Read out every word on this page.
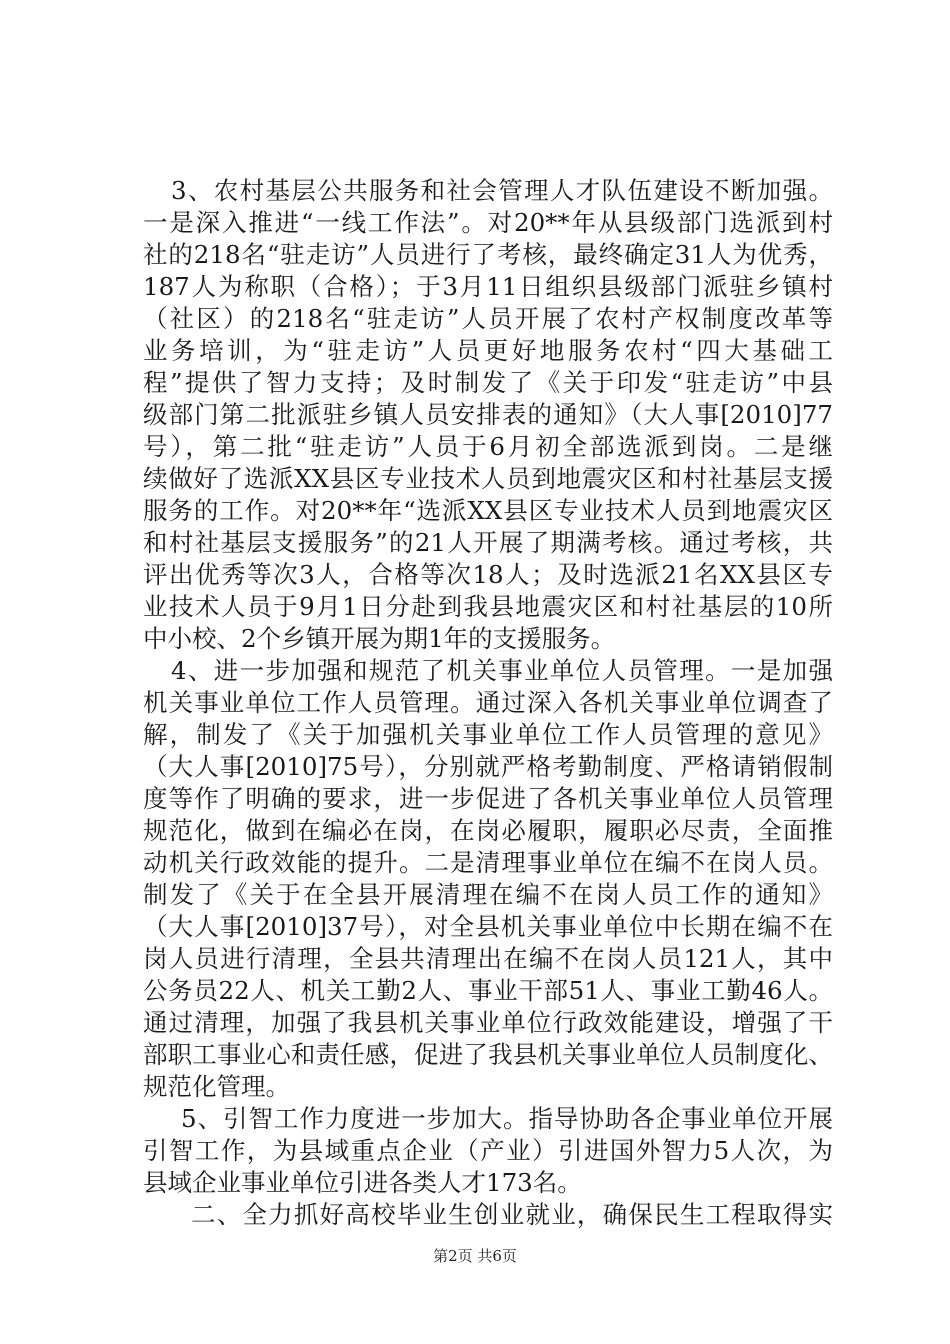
3、农村基层公共服务和社会管理人才队伍建设不断加强。
一是深入推进“一线工作法”。对20**年从县级部门选派到村
社的218名“驻走访”人员进行了考核，最终确定31人为优秀，
187人为称职（合格）；于3月11日组织县级部门派驻乡镇村
（社区）的218名“驻走访”人员开展了农村产权制度改革等
业务培训，为“驻走访”人员更好地服务农村“四大基础工
程”提供了智力支持；及时制发了《关于印发“驻走访”中县
级部门第二批派驻乡镇人员安排表的通知》（大人事[2010]77
号），第二批“驻走访”人员于6月初全部选派到岗。二是继
续做好了选派XX县区专业技术人员到地震灾区和村社基层支援
服务的工作。对20**年“选派XX县区专业技术人员到地震灾区
和村社基层支援服务”的21人开展了期满考核。通过考核，共
评出优秀等次3人，合格等次18人；及时选派21名XX县区专
业技术人员于9月1日分赴到我县地震灾区和村社基层的10所
中小校、2个乡镇开展为期1年的支援服务。
4、进一步加强和规范了机关事业单位人员管理。一是加强
机关事业单位工作人员管理。通过深入各机关事业单位调查了
解，制发了《关于加强机关事业单位工作人员管理的意见》
（大人事[2010]75号），分别就严格考勤制度、严格请销假制
度等作了明确的要求，进一步促进了各机关事业单位人员管理
规范化，做到在编必在岗，在岗必履职，履职必尽责，全面推
动机关行政效能的提升。二是清理事业单位在编不在岗人员。
制发了《关于在全县开展清理在编不在岗人员工作的通知》
（大人事[2010]37号），对全县机关事业单位中长期在编不在
岗人员进行清理，全县共清理出在编不在岗人员121人，其中
公务员22人、机关工勤2人、事业干部51人、事业工勤46人。
通过清理，加强了我县机关事业单位行政效能建设，增强了干
部职工事业心和责任感，促进了我县机关事业单位人员制度化、
规范化管理。
5、引智工作力度进一步加大。指导协助各企事业单位开展
引智工作，为县域重点企业（产业）引进国外智力5人次，为
县域企业事业单位引进各类人才173名。
二、全力抓好高校毕业生创业就业，确保民生工程取得实
第2页 共6页
